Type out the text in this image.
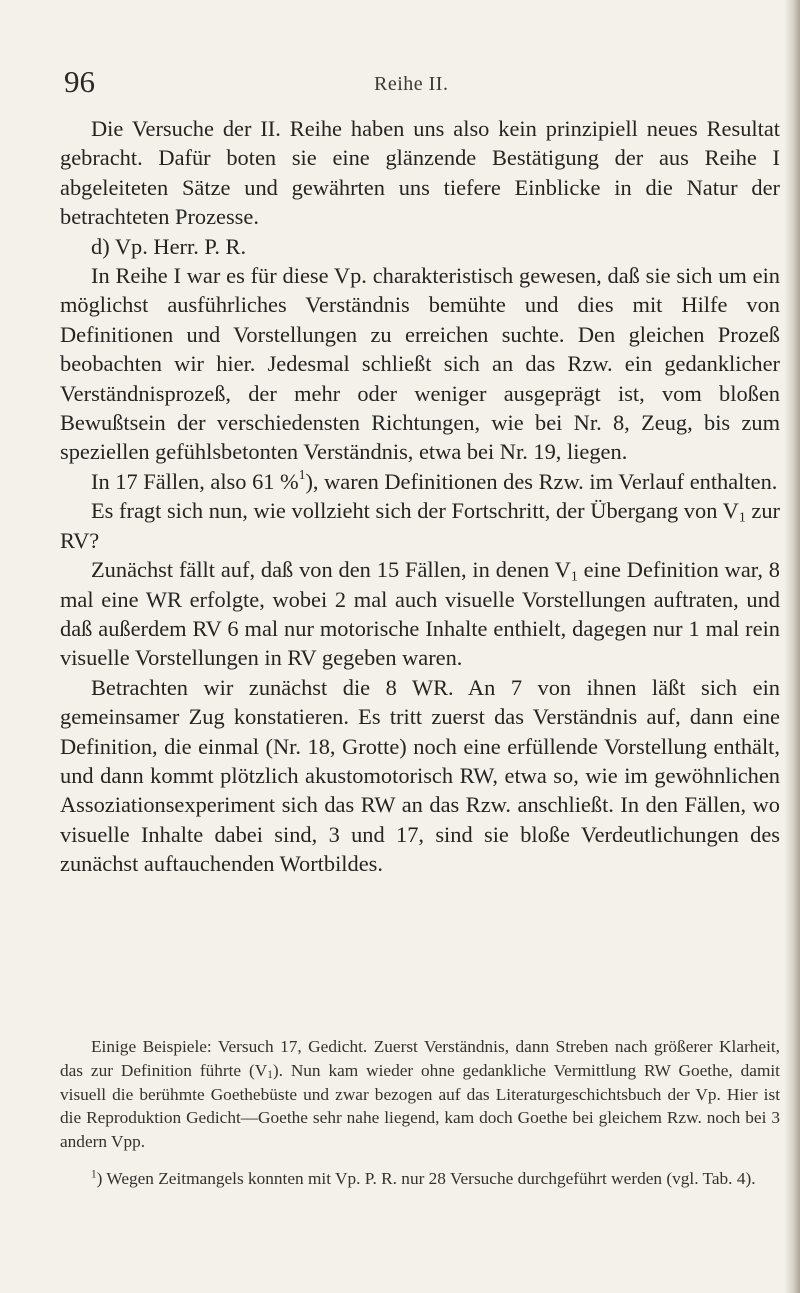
96	Reihe II.

Die Versuche der II. Reihe haben uns also kein prinzipiell neues Resultat gebracht. Dafür boten sie eine glänzende Bestätigung der aus Reihe I abgeleiteten Sätze und gewährten uns tiefere Einblicke in die Natur der betrachteten Prozesse.

d) Vp. Herr. P. R.

In Reihe I war es für diese Vp. charakteristisch gewesen, daß sie sich um ein möglichst ausführliches Verständnis bemühte und dies mit Hilfe von Definitionen und Vorstellungen zu erreichen suchte. Den gleichen Prozeß beobachten wir hier. Jedesmal schließt sich an das Rzw. ein gedanklicher Verständnisprozeß, der mehr oder weniger ausgeprägt ist, vom bloßen Bewußtsein der verschiedensten Richtungen, wie bei Nr. 8, Zeug, bis zum speziellen gefühlsbetonten Verständnis, etwa bei Nr. 19, liegen.

In 17 Fällen, also 61 %$^1$), waren Definitionen des Rzw. im Verlauf enthalten.

Es fragt sich nun, wie vollzieht sich der Fortschritt, der Übergang von $V_1$ zur RV?

Zunächst fällt auf, daß von den 15 Fällen, in denen $V_1$ eine Definition war, 8 mal eine WR erfolgte, wobei 2 mal auch visuelle Vorstellungen auftraten, und daß außerdem RV 6 mal nur motorische Inhalte enthielt, dagegen nur 1 mal rein visuelle Vorstellungen in RV gegeben waren.

Betrachten wir zunächst die 8 WR. An 7 von ihnen läßt sich ein gemeinsamer Zug konstatieren. Es tritt zuerst das Verständnis auf, dann eine Definition, die einmal (Nr. 18, Grotte) noch eine erfüllende Vorstellung enthält, und dann kommt plötzlich akustomotorisch RW, etwa so, wie im gewöhnlichen Assoziationsexperiment sich das RW an das Rzw. anschließt. In den Fällen, wo visuelle Inhalte dabei sind, 3 und 17, sind sie bloße Verdeutlichungen des zunächst auftauchenden Wortbildes.

Einige Beispiele: Versuch 17, Gedicht. Zuerst Verständnis, dann Streben nach größerer Klarheit, das zur Definition führte $(V_1)$. Nun kam wieder ohne gedankliche Vermittlung RW Goethe, damit visuell die berühmte Goethebüste und zwar bezogen auf das Literaturgeschichtsbuch der Vp. Hier ist die Reproduktion Gedicht—Goethe sehr nahe liegend, kam doch Goethe bei gleichem Rzw. noch bei 3 andern Vpp.

$^1$) Wegen Zeitmangels konnten mit Vp. P. R. nur 28 Versuche durchgeführt werden (vgl. Tab. 4).
